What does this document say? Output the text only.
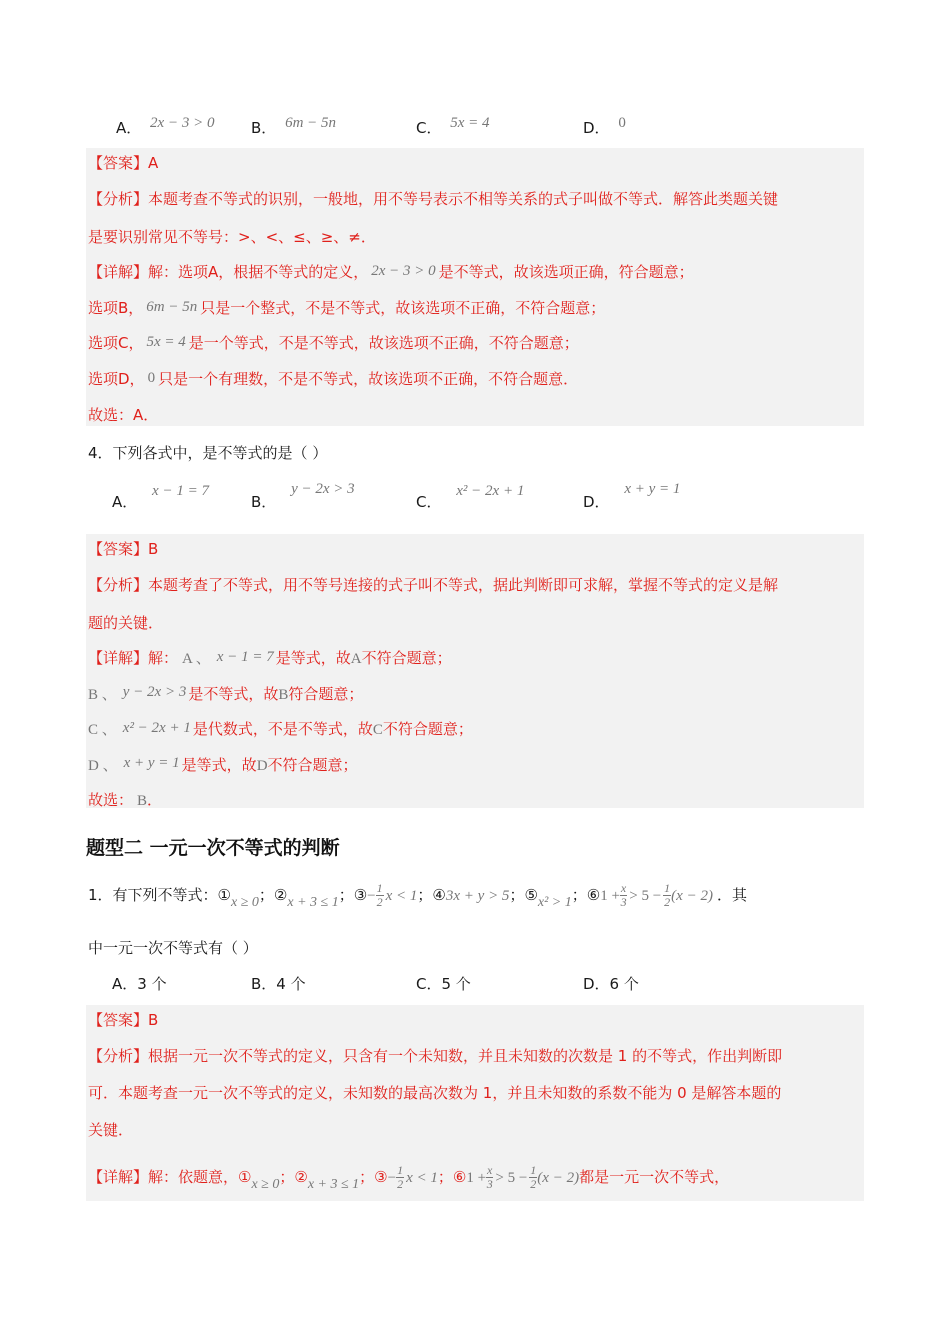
A． 2x − 3 > 0 B． 6m − 5n	C． 5x = 4	D． 0
【答案】A
【分析】本题考查不等式的识别，一般地，用不等号表示不相等关系的式子叫做不等式．解答此类题关键
是要识别常见不等号：>、<、≤、≥、≠．
【详解】解：选项A，根据不等式的定义， 2x − 3 > 0 是不等式，故该选项正确，符合题意；
选项B， 6m − 5n 只是一个整式，不是不等式，故该选项不正确，不符合题意；
选项C， 5x = 4 是一个等式，不是不等式，故该选项不正确，不符合题意；
选项D， 0 只是一个有理数，不是不等式，故该选项不正确，不符合题意．
故选：A．
4．下列各式中，是不等式的是（ ）
A． x − 1 = 7
B． y − 2x > 3
C． x² − 2x + 1
D． x + y = 1
【答案】B
【分析】本题考查了不等式，用不等号连接的式子叫不等式，据此判断即可求解，掌握不等式的定义是解
题的关键．
【详解】解： A 、 x − 1 = 7 是等式，故A不符合题意；
B 、 y − 2x > 3 是不等式，故B符合题意；
C 、 x² − 2x + 1 是代数式，不是不等式，故C不符合题意；
D 、 x + y = 1 是等式，故D不符合题意；
故选： B．
题型二 一元一次不等式的判断
1．有下列不等式：①x ≥ 0；②x + 3 ≤ 1；③− $\frac{1}{2}$ x < 1；④3x + y > 5；⑤x² > 1；⑥1 + $\frac{x}{3} > 5 - \frac{1}{2} (x - 2)$ ．其
中一元一次不等式有（ ）
A．3 个	B．4 个	C．5 个	D．6 个
【答案】B
【分析】根据一元一次不等式的定义，只含有一个未知数，并且未知数的次数是 1 的不等式，作出判断即
可．本题考查一元一次不等式的定义，未知数的最高次数为 1，并且未知数的系数不能为 0 是解答本题的
关键．
【详解】解：依题意，①x ≥ 0；②x + 3 ≤ 1；③− $\frac{1}{2}$ x < 1；⑥1 + $\frac{x}{3} > 5 - \frac{1}{2} (x - 2)$都是一元一次不等式，
